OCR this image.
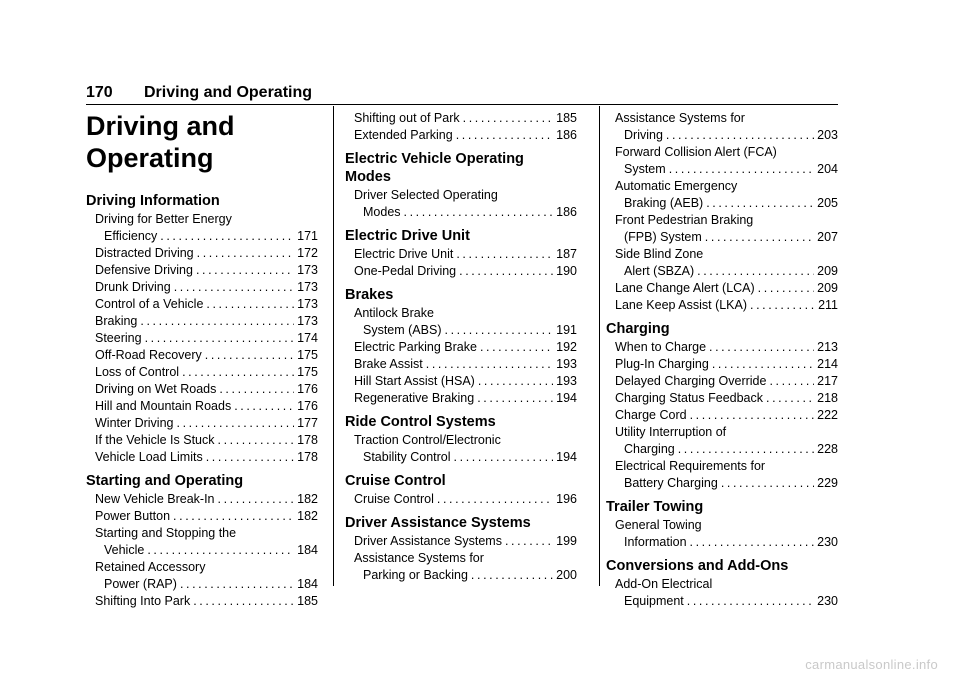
170 Driving and Operating
Driving and
Operating
Driving Information
Driving for Better Energy
Efficiency .....	171
Distracted Driving .....	172
Defensive Driving .....	173
Drunk Driving .....	173
Control of a Vehicle .....	173
Braking .....	173
Steering .....	174
Off-Road Recovery .....	175
Loss of Control .....	175
Driving on Wet Roads .....	176
Hill and Mountain Roads .....	176
Winter Driving .....	177
If the Vehicle Is Stuck .....	178
Vehicle Load Limits .....	178
Starting and Operating
New Vehicle Break-In .....	182
Power Button .....	182
Starting and Stopping the
Vehicle .....	184
Retained Accessory
Power (RAP) .....	184
Shifting Into Park .....	185
Shifting out of Park .....	185
Extended Parking .....	186
Electric Vehicle Operating
Modes
Driver Selected Operating
Modes .....	186
Electric Drive Unit
Electric Drive Unit .....	187
One-Pedal Driving .....	190
Brakes
Antilock Brake
System (ABS) .....	191
Electric Parking Brake .....	192
Brake Assist .....	193
Hill Start Assist (HSA) .....	193
Regenerative Braking .....	194
Ride Control Systems
Traction Control/Electronic
Stability Control .....	194
Cruise Control
Cruise Control .....	196
Driver Assistance Systems
Driver Assistance Systems .....	199
Assistance Systems for
Parking or Backing .....	200
Assistance Systems for
Driving .....	203
Forward Collision Alert (FCA)
System .....	204
Automatic Emergency
Braking (AEB) .....	205
Front Pedestrian Braking
(FPB) System .....	207
Side Blind Zone
Alert (SBZA) .....	209
Lane Change Alert (LCA) .....	209
Lane Keep Assist (LKA) .....	211
Charging
When to Charge .....	213
Plug-In Charging .....	214
Delayed Charging Override .....	217
Charging Status Feedback .....	218
Charge Cord .....	222
Utility Interruption of
Charging .....	228
Electrical Requirements for
Battery Charging .....	229
Trailer Towing
General Towing
Information .....	230
Conversions and Add-Ons
Add-On Electrical
Equipment .....	230
carmanualsonline.info
